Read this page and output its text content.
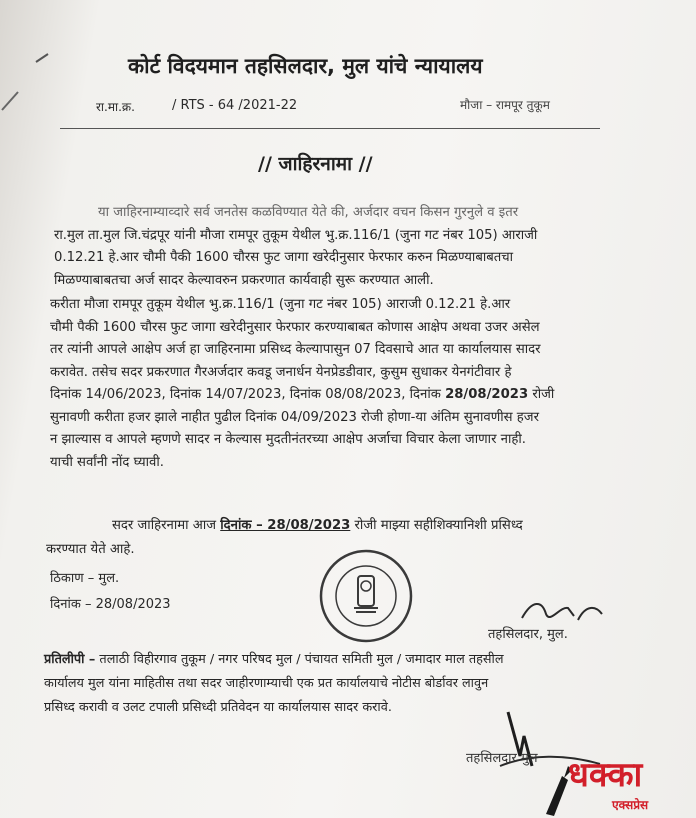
कोर्ट विदयमान तहसिलदार, मुल यांचे न्यायालय
रा.मा.क्र.	/ RTS - 64 /2021-22	मौजा – रामपूर तुकूम
// जाहिरनामा //
या जाहिरनाम्याव्दारे सर्व जनतेस कळविण्यात येते की, अर्जदार वचन किसन गुरनुले व इतर
रा.मुल ता.मुल जि.चंद्रपूर यांनी मौजा रामपूर तुकूम येथील भु.क्र.116/1 (जुना गट नंबर 105) आराजी
0.12.21 हे.आर चौमी पैकी 1600 चौरस फुट जागा खरेदीनुसार फेरफार करुन मिळण्याबाबतचा
मिळण्याबाबतचा अर्ज सादर केल्यावरुन प्रकरणात कार्यवाही सुरू करण्यात आली.
करीता मौजा रामपूर तुकूम येथील भु.क्र.116/1 (जुना गट नंबर 105) आराजी 0.12.21 हे.आर
चौमी पैकी 1600 चौरस फुट जागा खरेदीनुसार फेरफार करण्याबाबत कोणास आक्षेप अथवा उजर असेल
तर त्यांनी आपले आक्षेप अर्ज हा जाहिरनामा प्रसिध्द केल्यापासुन 07 दिवसाचे आत या कार्यालयास सादर
करावेत. तसेच सदर प्रकरणात गैरअर्जदार कवडू जनार्धन येनप्रेडडीवार, कुसुम सुधाकर येनगंटीवार हे
दिनांक 14/06/2023, दिनांक 14/07/2023, दिनांक 08/08/2023, दिनांक 28/08/2023 रोजी
सुनावणी करीता हजर झाले नाहीत पुढील दिनांक 04/09/2023 रोजी होणा-या अंतिम सुनावणीस हजर
न झाल्यास व आपले म्हणणे सादर न केल्यास मुदतीनंतरच्या आक्षेप अर्जाचा विचार केला जाणार नाही.
याची सर्वांनी नोंद घ्यावी.
सदर जाहिरनामा आज दिनांक – 28/08/2023 रोजी माझ्या सहीशिक्यानिशी प्रसिध्द
करण्यात येते आहे.
ठिकाण – मुल.
दिनांक – 28/08/2023
तहसिलदार, मुल.
प्रतिलीपी – तलाठी विहीरगाव तुकूम / नगर परिषद मुल / पंचायत समिती मुल / जमादार माल तहसील
कार्यालय मुल यांना माहितीस तथा सदर जाहीरणाम्याची एक प्रत कार्यालयाचे नोटीस बोर्डावर लावुन
प्रसिध्द करावी व उलट टपाली प्रसिध्दी प्रतिवेदन या कार्यालयास सादर करावे.
तहसिलदार मुल धक्का
एक्सप्रेस
